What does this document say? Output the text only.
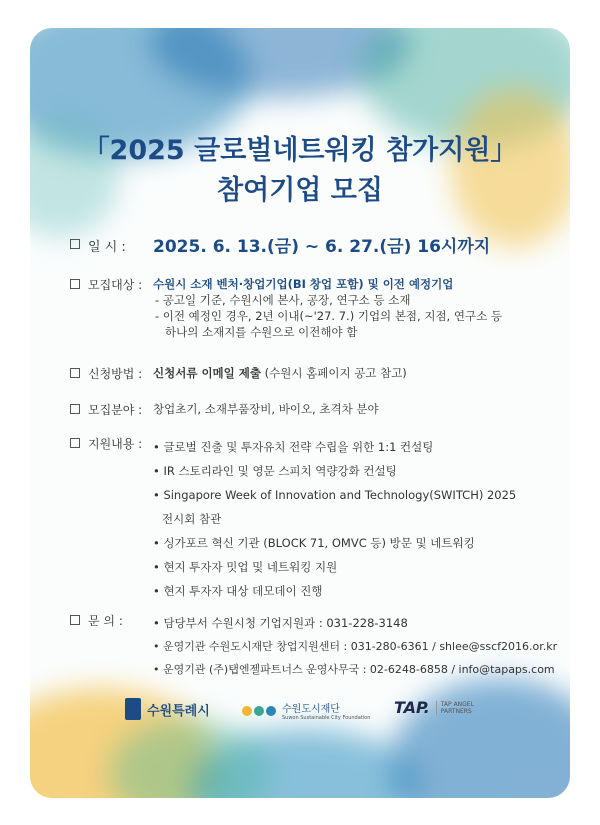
「2025 글로벌네트워킹 참가지원」
참여기업 모집
일 시 : 2025. 6. 13.(금) ~ 6. 27.(금) 16시까지
모집대상 : 수원시 소재 벤처·창업기업(BI 창업 포함) 및 이전 예정기업
- 공고일 기준, 수원시에 본사, 공장, 연구소 등 소재
- 이전 예정인 경우, 2년 이내(~'27. 7.) 기업의 본점, 지점, 연구소 등
하나의 소재지를 수원으로 이전해야 함
신청방법 : 신청서류 이메일 제출 (수원시 홈페이지 공고 참고)
모집분야 : 창업초기, 소재부품장비, 바이오, 초격차 분야
지원내용 : • 글로벌 진출 및 투자유치 전략 수립을 위한 1:1 컨설팅
• IR 스토리라인 및 영문 스피치 역량강화 컨설팅
• Singapore Week of Innovation and Technology(SWITCH) 2025
전시회 참관
• 싱가포르 혁신 기관 (BLOCK 71, OMVC 등) 방문 및 네트워킹
• 현지 투자자 밋업 및 네트워킹 지원
• 현지 투자자 대상 데모데이 진행
문 의 :	• 담당부서 수원시청 기업지원과 : 031-228-3148
• 운영기관 수원도시재단 창업지원센터 : 031-280-6361 / shlee@sscf2016.or.kr
• 운영기관 (주)탭엔젤파트너스 운영사무국 : 02-6248-6858 / info@tapaps.com
수원특례시	수원도시재단
Suwon Sustainable City Foundation
TAP. TAP ANGEL
PARTNERS
